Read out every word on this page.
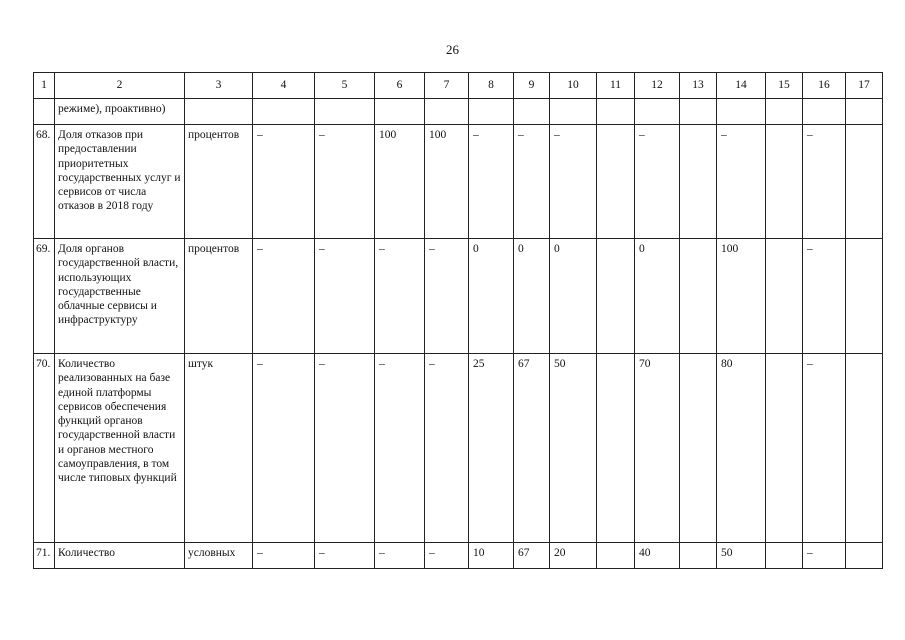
26
1	2	3	4	5	6	7	8	9	10	11	12	13	14	15	16	17
	режиме), проактивно)															
68.	Доля отказов при предоставлении приоритетных государственных услуг и сервисов от числа отказов в 2018 году	процентов	–	–	100	100	–	–	–		–		–		–	
69.	Доля органов государственной власти, использующих государственные облачные сервисы и инфраструктуру	процентов	–	–	–	–	0	0	0		0		100		–	
70.	Количество реализованных на базе единой платформы сервисов обеспечения функций органов государственной власти и органов местного самоуправления, в том числе типовых функций	штук	–	–	–	–	25	67	50		70		80		–	
71.	Количество	условных	–	–	–	–	10	67	20		40		50		–	
